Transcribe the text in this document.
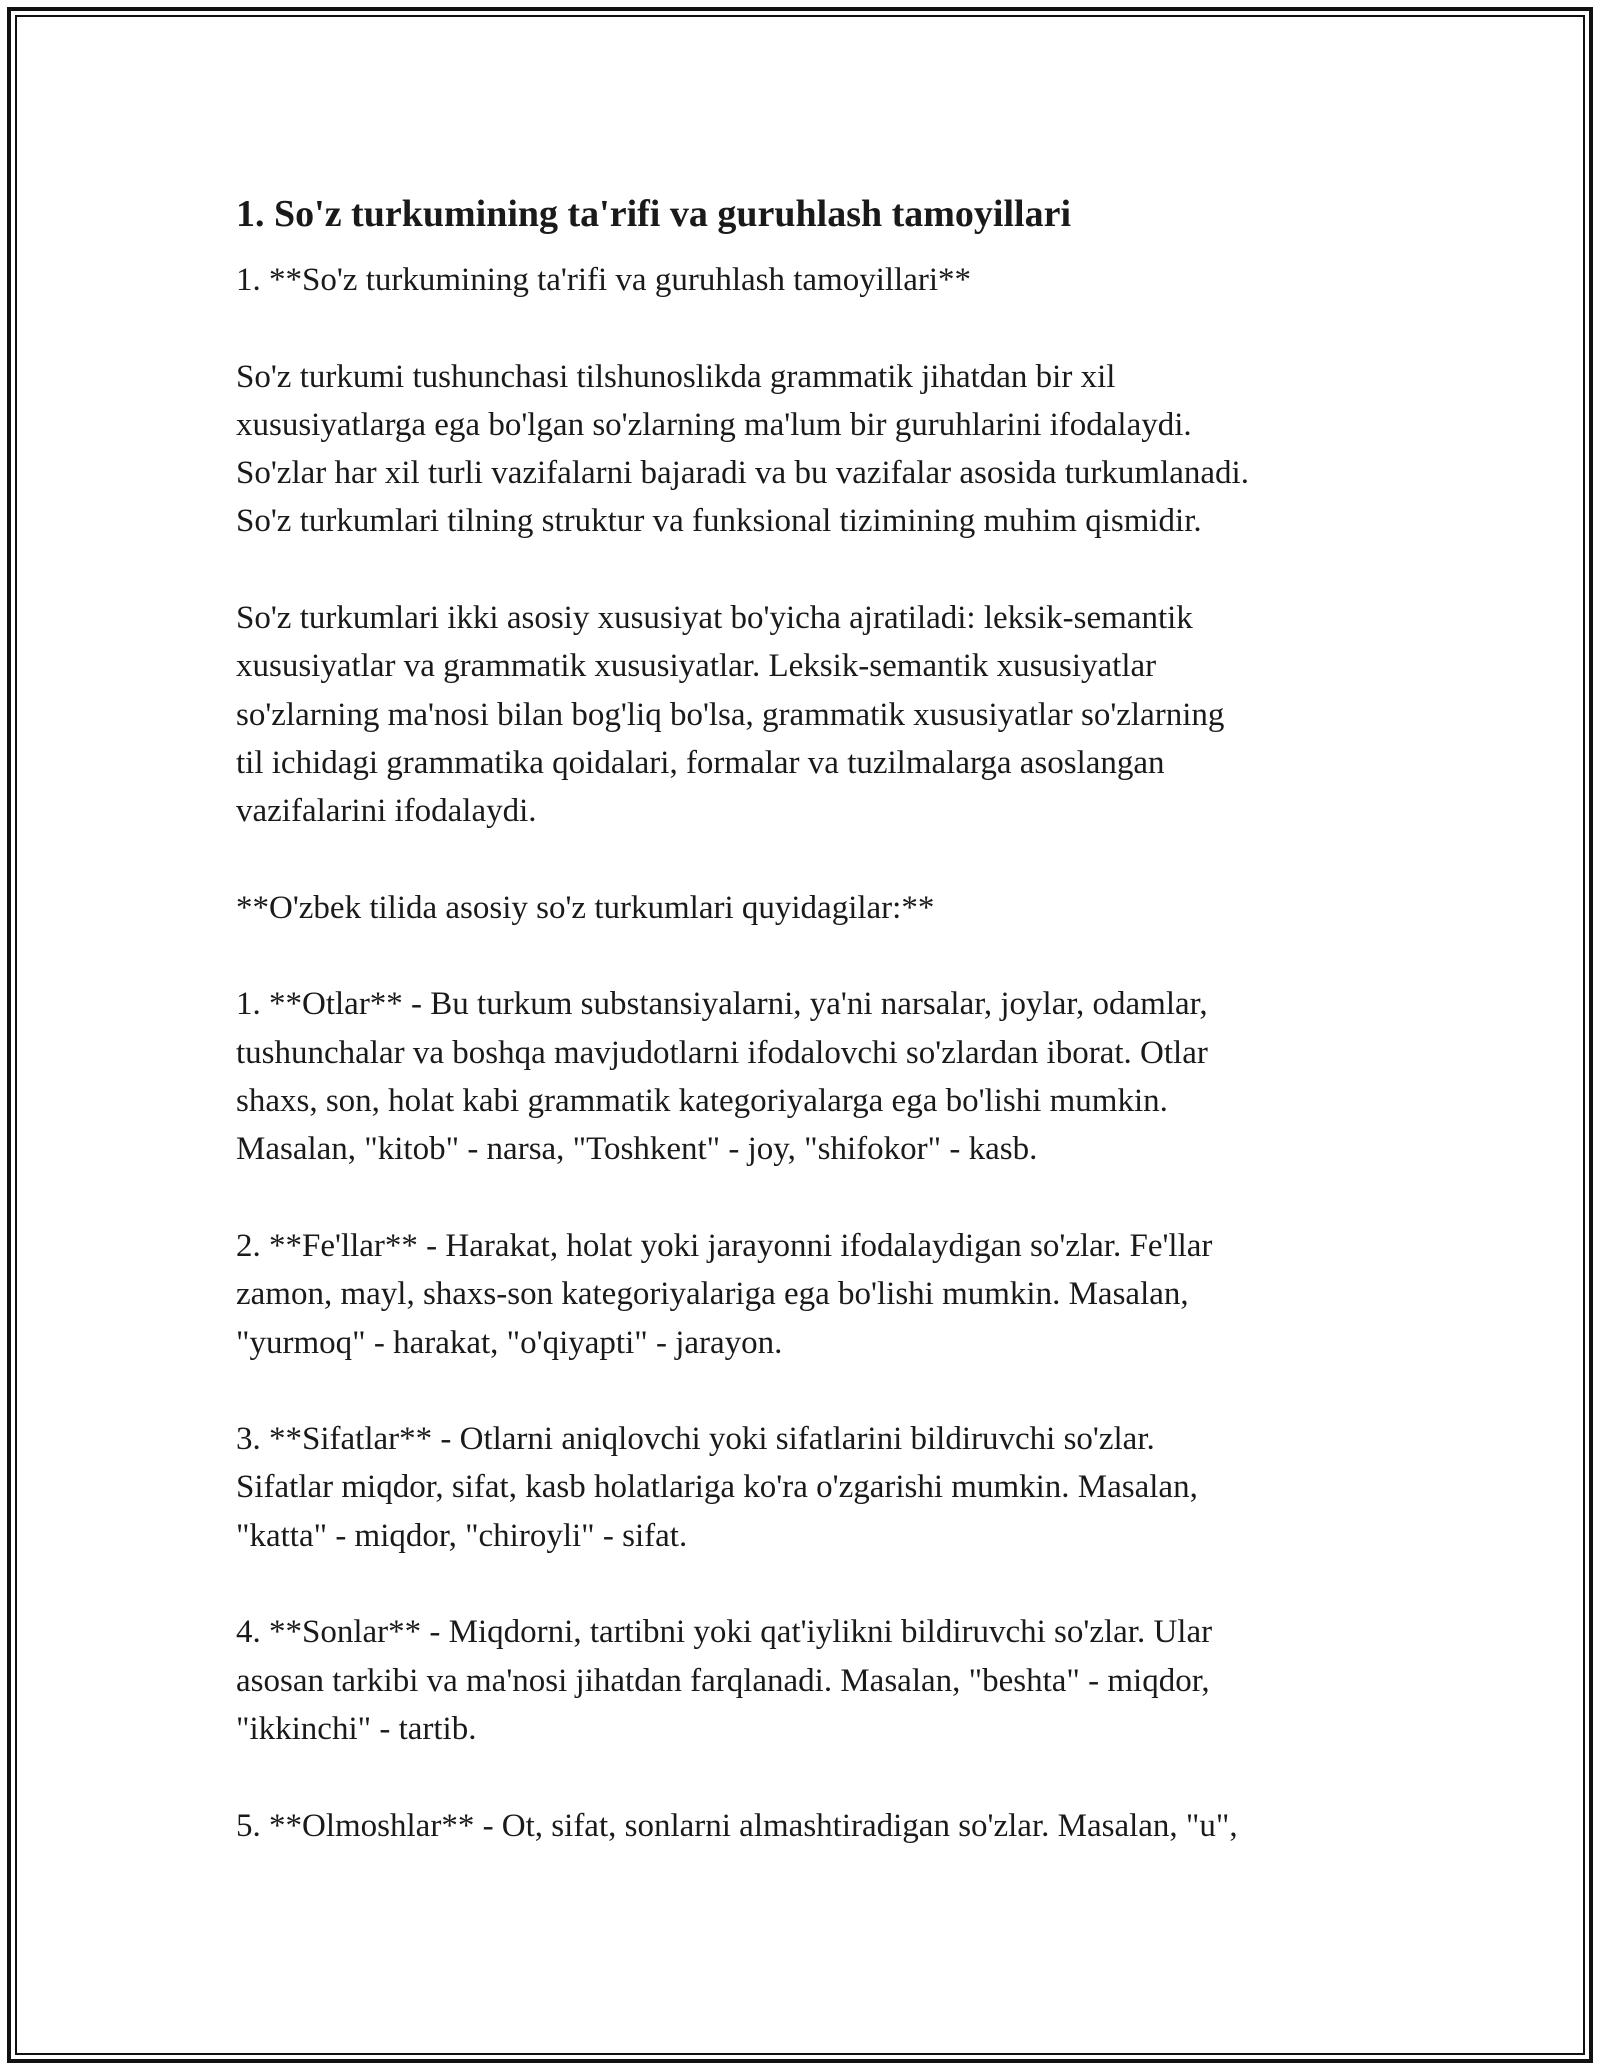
1. So'z turkumining ta'rifi va guruhlash tamoyillari

1. **So'z turkumining ta'rifi va guruhlash tamoyillari**

So'z turkumi tushunchasi tilshunoslikda grammatik jihatdan bir xil
xususiyatlarga ega bo'lgan so'zlarning ma'lum bir guruhlarini ifodalaydi.
So'zlar har xil turli vazifalarni bajaradi va bu vazifalar asosida turkumlanadi.
So'z turkumlari tilning struktur va funksional tizimining muhim qismidir.

So'z turkumlari ikki asosiy xususiyat bo'yicha ajratiladi: leksik-semantik
xususiyatlar va grammatik xususiyatlar. Leksik-semantik xususiyatlar
so'zlarning ma'nosi bilan bog'liq bo'lsa, grammatik xususiyatlar so'zlarning
til ichidagi grammatika qoidalari, formalar va tuzilmalarga asoslangan
vazifalarini ifodalaydi.

**O'zbek tilida asosiy so'z turkumlari quyidagilar:**

1. **Otlar** - Bu turkum substansiyalarni, ya'ni narsalar, joylar, odamlar,
tushunchalar va boshqa mavjudotlarni ifodalovchi so'zlardan iborat. Otlar
shaxs, son, holat kabi grammatik kategoriyalarga ega bo'lishi mumkin.
Masalan, "kitob" - narsa, "Toshkent" - joy, "shifokor" - kasb.

2. **Fe'llar** - Harakat, holat yoki jarayonni ifodalaydigan so'zlar. Fe'llar
zamon, mayl, shaxs-son kategoriyalariga ega bo'lishi mumkin. Masalan,
"yurmoq" - harakat, "o'qiyapti" - jarayon.

3. **Sifatlar** - Otlarni aniqlovchi yoki sifatlarini bildiruvchi so'zlar.
Sifatlar miqdor, sifat, kasb holatlariga ko'ra o'zgarishi mumkin. Masalan,
"katta" - miqdor, "chiroyli" - sifat.

4. **Sonlar** - Miqdorni, tartibni yoki qat'iylikni bildiruvchi so'zlar. Ular
asosan tarkibi va ma'nosi jihatdan farqlanadi. Masalan, "beshta" - miqdor,
"ikkinchi" - tartib.

5. **Olmoshlar** - Ot, sifat, sonlarni almashtiradigan so'zlar. Masalan, "u",
